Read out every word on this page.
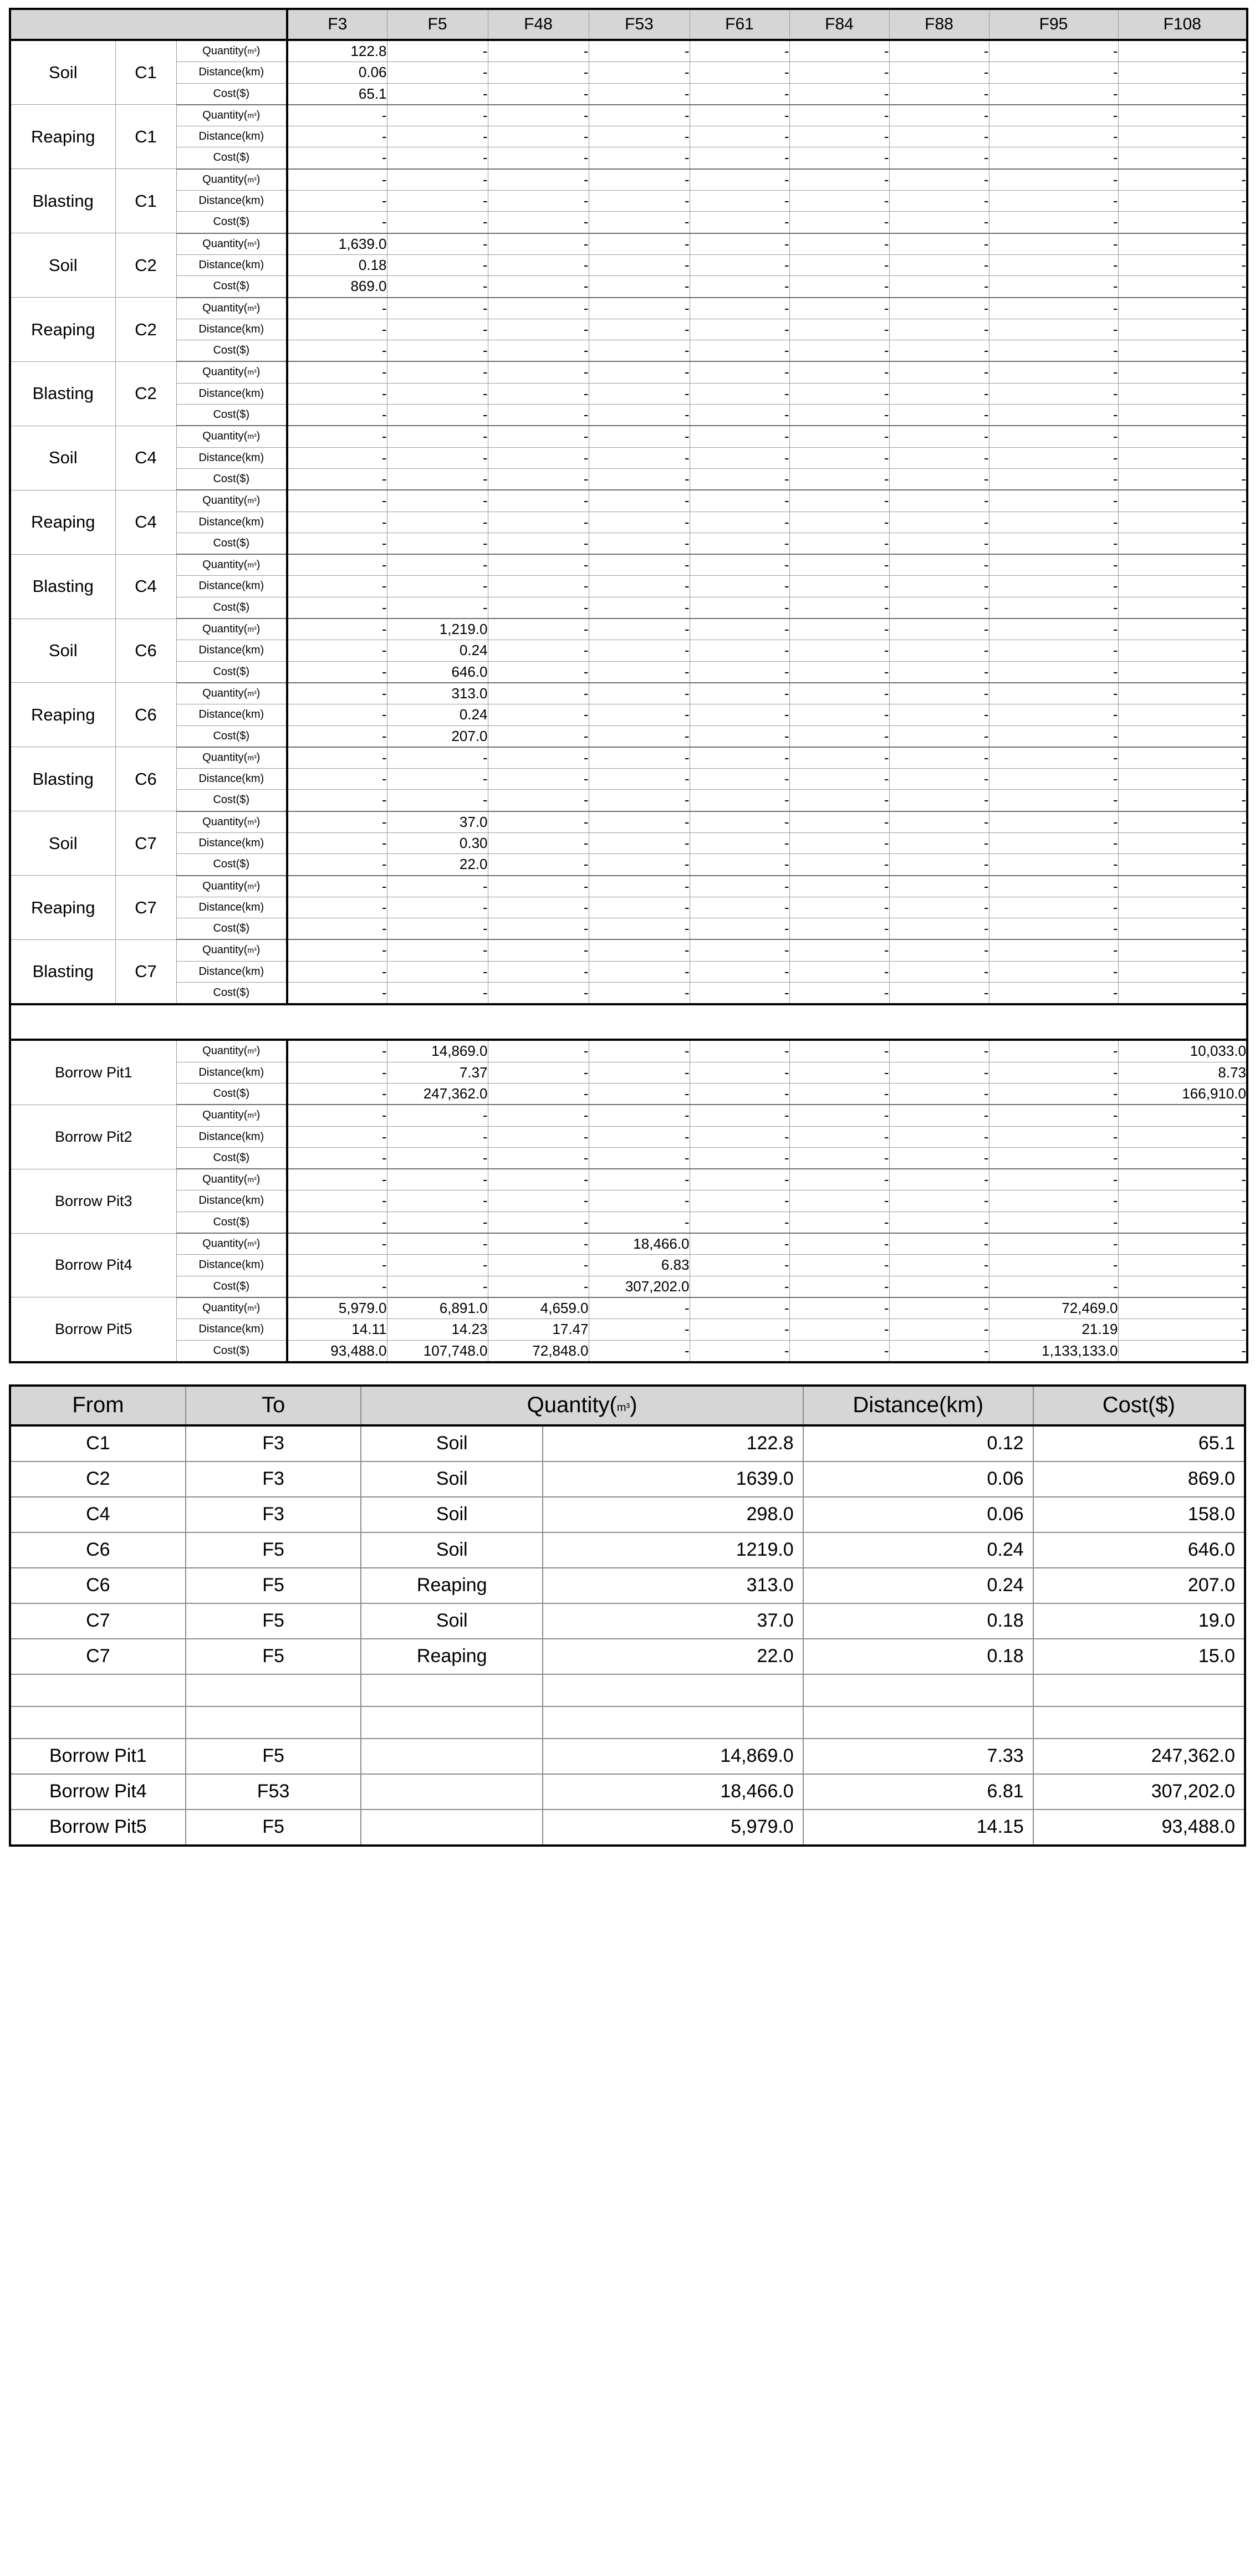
			F3	F5	F48	F53	F61	F84	F88	F95	F108
Soil	C1	Quantity(m³)	122.8	-	-	-	-	-	-	-	-
		Distance(km)	0.06	-	-	-	-	-	-	-	-
		Cost($)	65.1	-	-	-	-	-	-	-	-
Reaping	C1	Quantity(m³)	-	-	-	-	-	-	-	-	-
		Distance(km)	-	-	-	-	-	-	-	-	-
		Cost($)	-	-	-	-	-	-	-	-	-
Blasting	C1	Quantity(m³)	-	-	-	-	-	-	-	-	-
		Distance(km)	-	-	-	-	-	-	-	-	-
		Cost($)	-	-	-	-	-	-	-	-	-
Soil	C2	Quantity(m³)	1,639.0	-	-	-	-	-	-	-	-
		Distance(km)	0.18	-	-	-	-	-	-	-	-
		Cost($)	869.0	-	-	-	-	-	-	-	-
Reaping	C2	Quantity(m³)	-	-	-	-	-	-	-	-	-
		Distance(km)	-	-	-	-	-	-	-	-	-
		Cost($)	-	-	-	-	-	-	-	-	-
Blasting	C2	Quantity(m³)	-	-	-	-	-	-	-	-	-
		Distance(km)	-	-	-	-	-	-	-	-	-
		Cost($)	-	-	-	-	-	-	-	-	-
Soil	C4	Quantity(m³)	-	-	-	-	-	-	-	-	-
		Distance(km)	-	-	-	-	-	-	-	-	-
		Cost($)	-	-	-	-	-	-	-	-	-
Reaping	C4	Quantity(m³)	-	-	-	-	-	-	-	-	-
		Distance(km)	-	-	-	-	-	-	-	-	-
		Cost($)	-	-	-	-	-	-	-	-	-
Blasting	C4	Quantity(m³)	-	-	-	-	-	-	-	-	-
		Distance(km)	-	-	-	-	-	-	-	-	-
		Cost($)	-	-	-	-	-	-	-	-	-
Soil	C6	Quantity(m³)	-	1,219.0	-	-	-	-	-	-	-
		Distance(km)	-	0.24	-	-	-	-	-	-	-
		Cost($)	-	646.0	-	-	-	-	-	-	-
Reaping	C6	Quantity(m³)	-	313.0	-	-	-	-	-	-	-
		Distance(km)	-	0.24	-	-	-	-	-	-	-
		Cost($)	-	207.0	-	-	-	-	-	-	-
Blasting	C6	Quantity(m³)	-	-	-	-	-	-	-	-	-
		Distance(km)	-	-	-	-	-	-	-	-	-
		Cost($)	-	-	-	-	-	-	-	-	-
Soil	C7	Quantity(m³)	-	37.0	-	-	-	-	-	-	-
		Distance(km)	-	0.30	-	-	-	-	-	-	-
		Cost($)	-	22.0	-	-	-	-	-	-	-
Reaping	C7	Quantity(m³)	-	-	-	-	-	-	-	-	-
		Distance(km)	-	-	-	-	-	-	-	-	-
		Cost($)	-	-	-	-	-	-	-	-	-
Blasting	C7	Quantity(m³)	-	-	-	-	-	-	-	-	-
		Distance(km)	-	-	-	-	-	-	-	-	-
		Cost($)	-	-	-	-	-	-	-	-	-

Borrow Pit1		Quantity(m³)	-	14,869.0	-	-	-	-	-	-	10,033.0
		Distance(km)	-	7.37	-	-	-	-	-	-	8.73
		Cost($)	-	247,362.0	-	-	-	-	-	-	166,910.0
Borrow Pit2		Quantity(m³)	-	-	-	-	-	-	-	-	-
		Distance(km)	-	-	-	-	-	-	-	-	-
		Cost($)	-	-	-	-	-	-	-	-	-
Borrow Pit3		Quantity(m³)	-	-	-	-	-	-	-	-	-
		Distance(km)	-	-	-	-	-	-	-	-	-
		Cost($)	-	-	-	-	-	-	-	-	-
Borrow Pit4		Quantity(m³)	-	-	-	18,466.0	-	-	-	-	-
		Distance(km)	-	-	-	6.83	-	-	-	-	-
		Cost($)	-	-	-	307,202.0	-	-	-	-	-
Borrow Pit5		Quantity(m³)	5,979.0	6,891.0	4,659.0	-	-	-	-	72,469.0	-
		Distance(km)	14.11	14.23	17.47	-	-	-	-	21.19	-
		Cost($)	93,488.0	107,748.0	72,848.0	-	-	-	-	1,133,133.0	-
From	To	Quantity(m³)		Distance(km)	Cost($)
C1	F3	Soil	122.8	0.12	65.1
C2	F3	Soil	1639.0	0.06	869.0
C4	F3	Soil	298.0	0.06	158.0
C6	F5	Soil	1219.0	0.24	646.0
C6	F5	Reaping	313.0	0.24	207.0
C7	F5	Soil	37.0	0.18	19.0
C7	F5	Reaping	22.0	0.18	15.0

Borrow Pit1	F5		14,869.0	7.33	247,362.0
Borrow Pit4	F53		18,466.0	6.81	307,202.0
Borrow Pit5	F5		5,979.0	14.15	93,488.0
